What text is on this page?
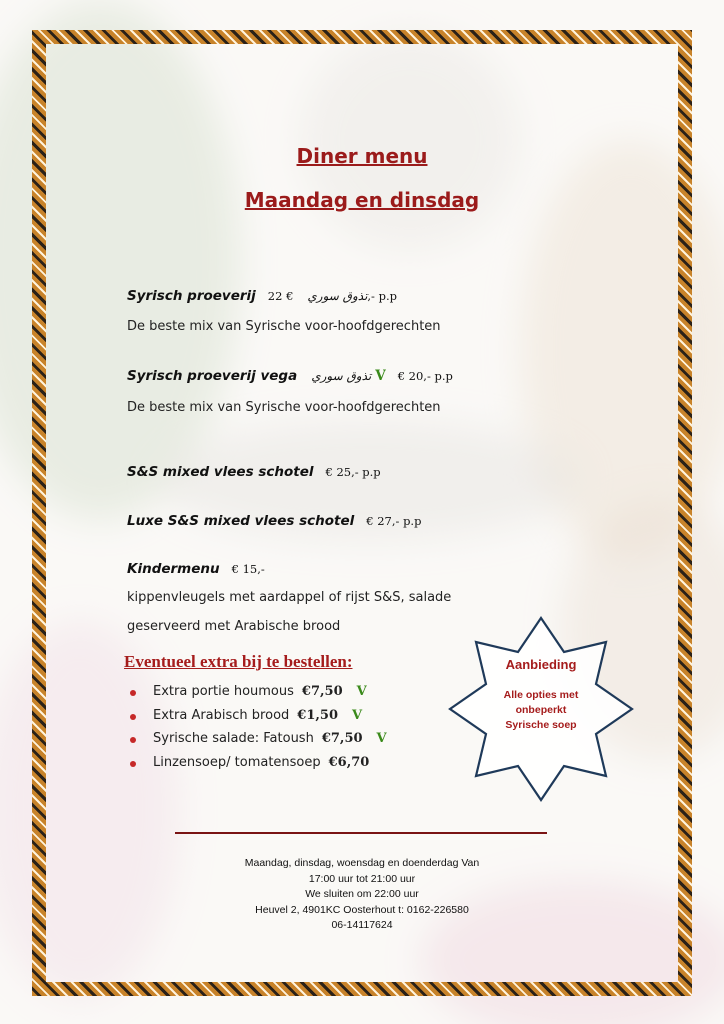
Diner menu
Maandag en dinsdag
Syrisch proeverij	تذوق سوري€ 22,- p.p
De beste mix van Syrische voor-hoofdgerechten
Syrisch proeverij vega تذوق سوري V € 20,- p.p
De beste mix van Syrische voor-hoofdgerechten
S&S mixed vlees schotel € 25,- p.p
Luxe S&S mixed vlees schotel € 27,- p.p
Kindermenu € 15,-
kippenvleugels met aardappel of rijst S&S, salade
geserveerd met Arabische brood
Eventueel extra bij te bestellen:
Extra portie houmous €7,50 V
Extra Arabisch brood €1,50 V
Syrische salade: Fatoush €7,50 V
Linzensoep/ tomatensoep €6,70
Aanbieding
Alle opties met
onbeperkt
Syrische soep
Maandag, dinsdag, woensdag en doenderdag Van
17:00 uur tot 21:00 uur
We sluiten om 22:00 uur
Heuvel 2, 4901KC Oosterhout t: 0162-226580
06-14117624
